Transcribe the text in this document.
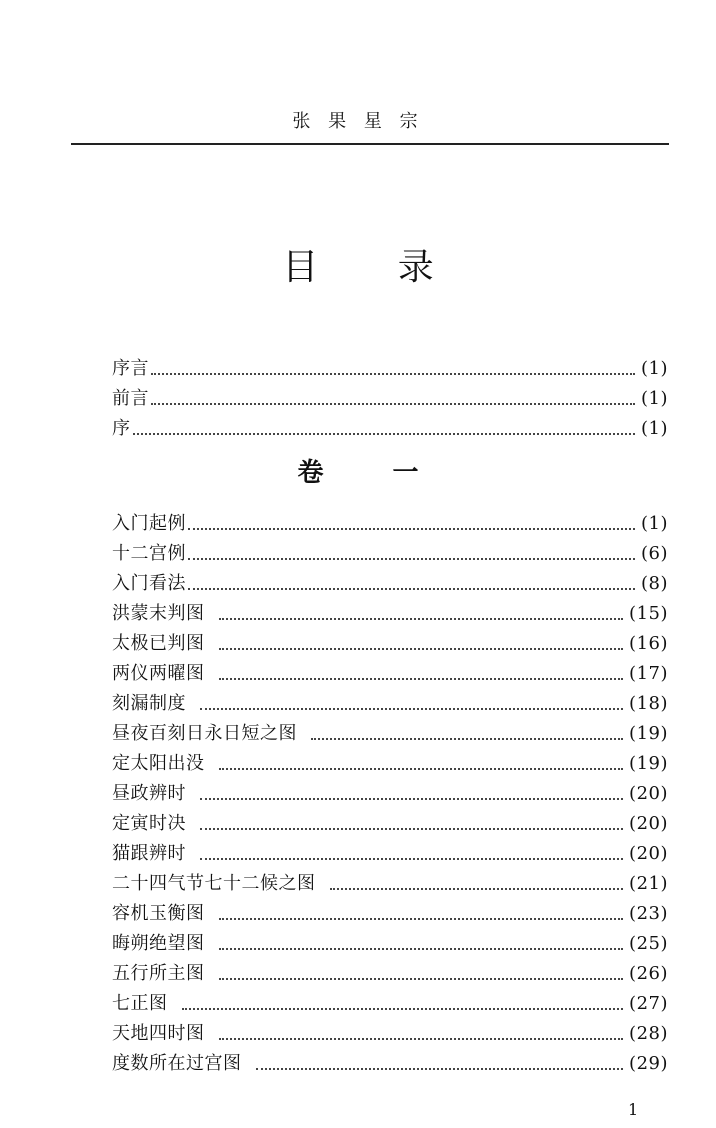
张 果 星 宗
目 录
序言	(1)
前言	(1)
序	(1)
卷 一
入门起例	(1)
十二宫例	(6)
入门看法	(8)
洪蒙末判图	(15)
太极已判图	(16)
两仪两曜图	(17)
刻漏制度	(18)
昼夜百刻日永日短之图	(19)
定太阳出没	(19)
昼政辨时	(20)
定寅时决	(20)
猫跟辨时	(20)
二十四气节七十二候之图	(21)
容机玉衡图	(23)
晦朔绝望图	(25)
五行所主图	(26)
七正图	(27)
天地四时图	(28)
度数所在过宫图	(29)
1
